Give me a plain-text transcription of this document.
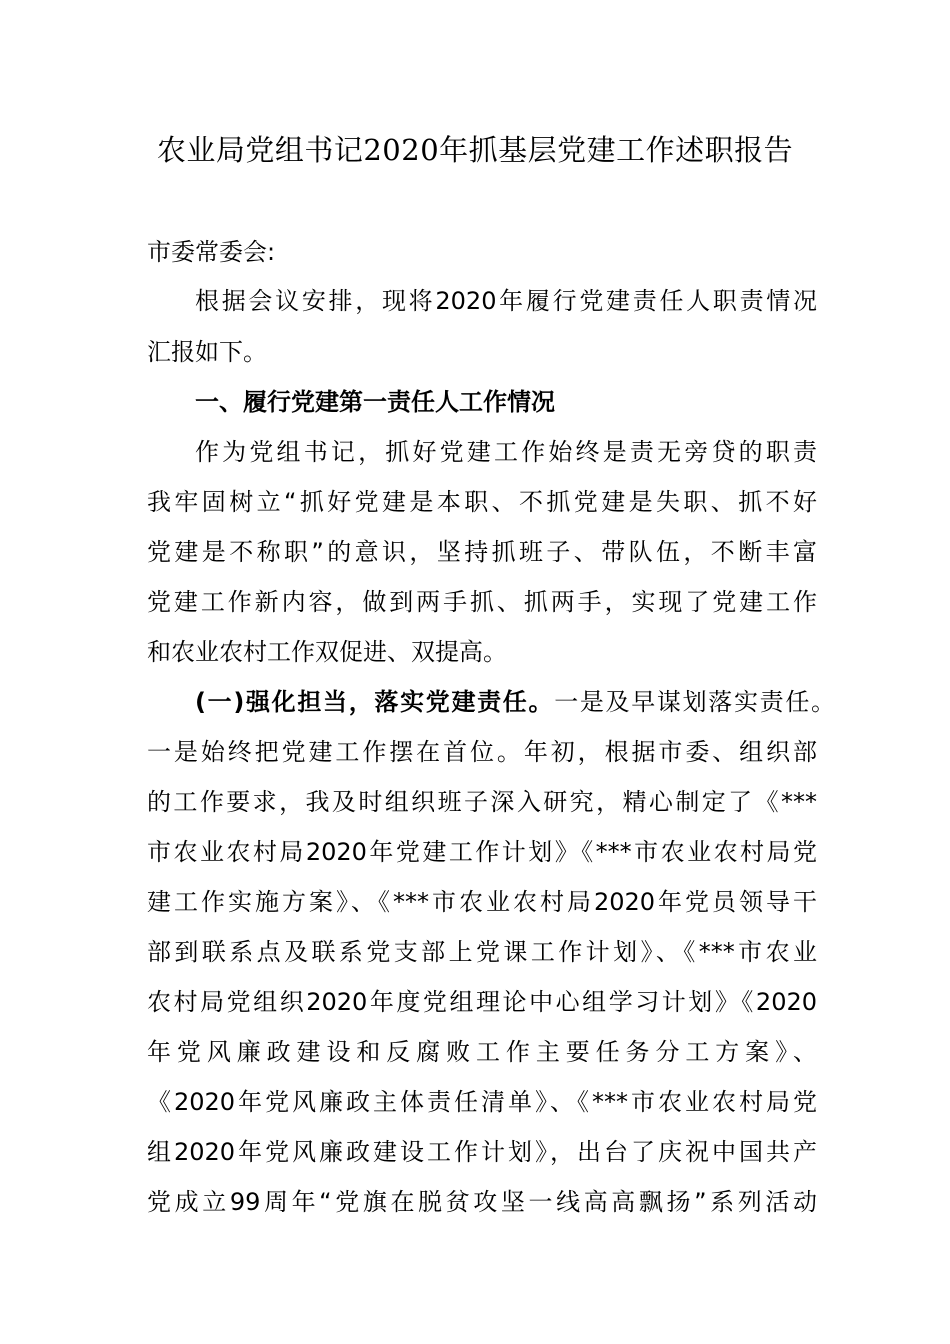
农业局党组书记2020年抓基层党建工作述职报告

市委常委会:

根据会议安排，现将2020年履行党建责任人职责情况

汇报如下。

一、履行党建第一责任人工作情况

作为党组书记，抓好党建工作始终是责无旁贷的职责

我牢固树立“抓好党建是本职、不抓党建是失职、抓不好

党建是不称职”的意识，坚持抓班子、带队伍，不断丰富

党建工作新内容，做到两手抓、抓两手，实现了党建工作

和农业农村工作双促进、双提高。

(一)强化担当，落实党建责任。一是及早谋划落实责任。

一是始终把党建工作摆在首位。年初，根据市委、组织部

的工作要求，我及时组织班子深入研究，精心制定了《***

市农业农村局2020年党建工作计划》《***市农业农村局党

建工作实施方案》、《***市农业农村局2020年党员领导干

部到联系点及联系党支部上党课工作计划》、《***市农业

农村局党组织2020年度党组理论中心组学习计划》《2020

年党风廉政建设和反腐败工作主要任务分工方案》、

《2020年党风廉政主体责任清单》、《***市农业农村局党

组2020年党风廉政建设工作计划》，出台了庆祝中国共产

党成立99周年“党旗在脱贫攻坚一线高高飘扬”系列活动
